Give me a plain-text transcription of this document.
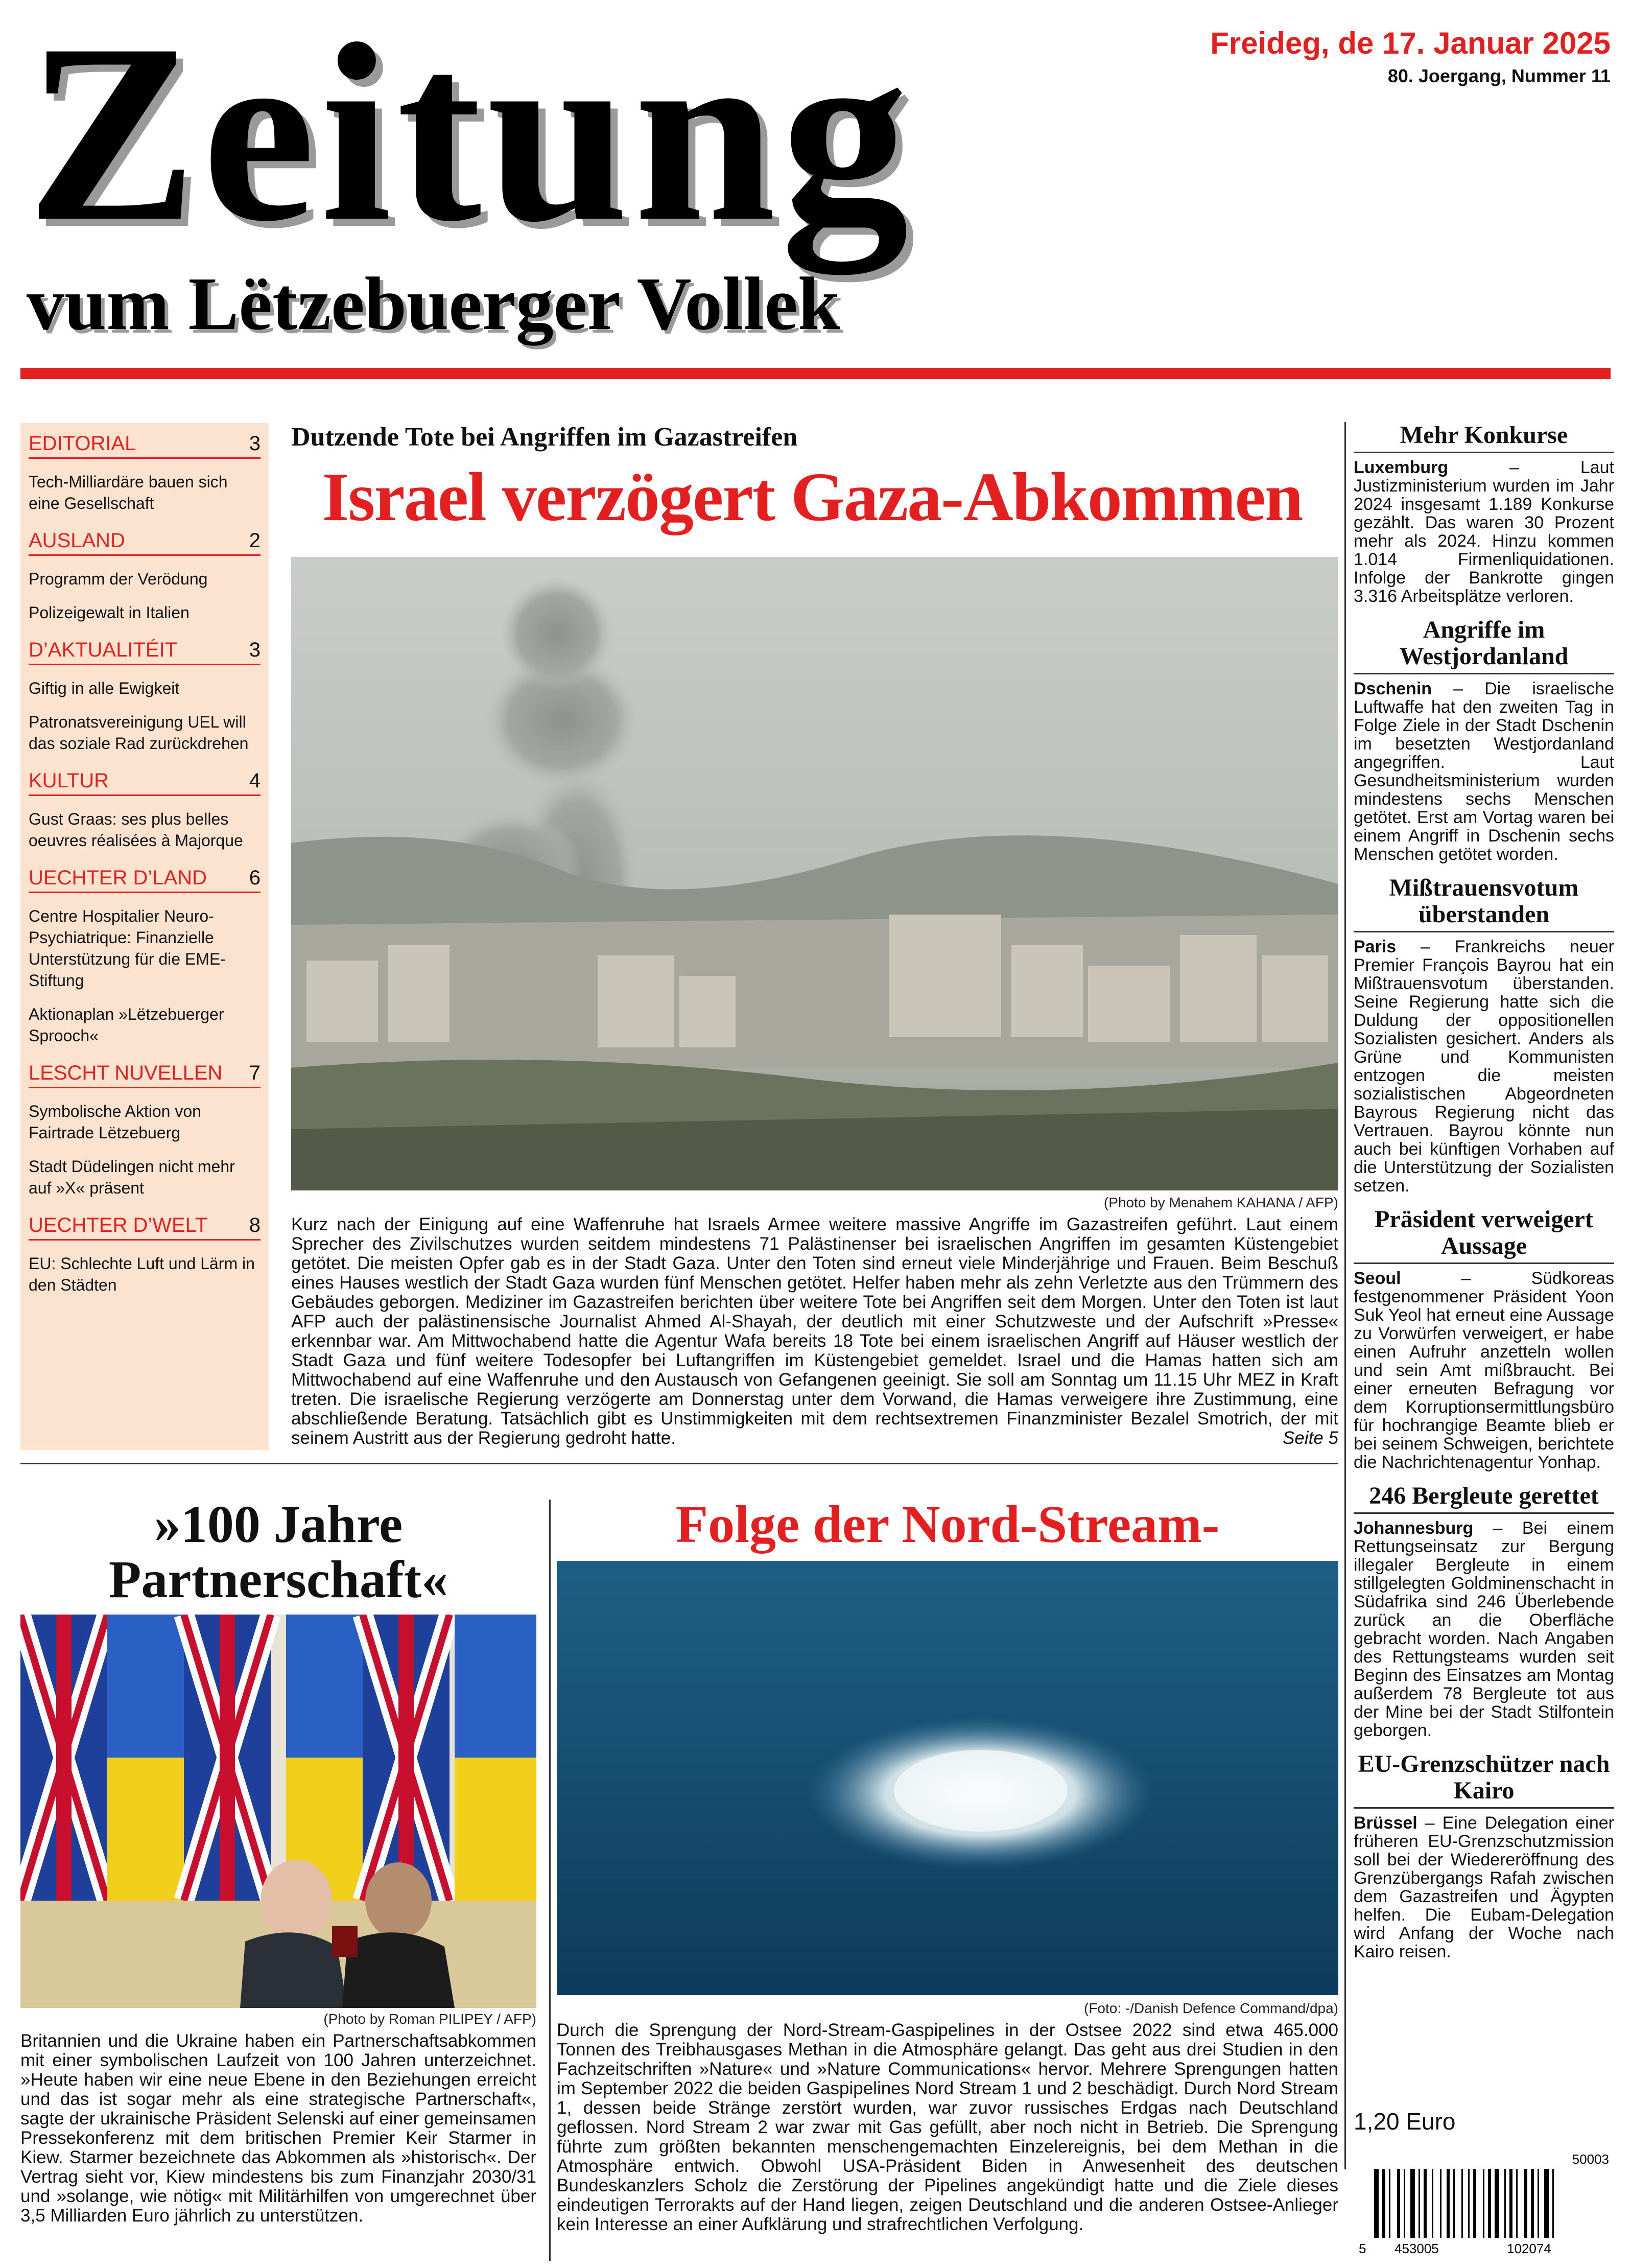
Zeitung
vum Lëtzebuerger Vollek
Freideg, de 17. Januar 2025
80. Joergang, Nummer 11
EDITORIAL	3
Tech-Milliardäre bauen sich eine Gesellschaft
AUSLAND	2
Programm der Verödung
Polizeigewalt in Italien
D’AKTUALITÉIT	3
Giftig in alle Ewigkeit
Patronatsvereinigung UEL will das soziale Rad zurückdrehen
KULTUR	4
Gust Graas: ses plus belles oeuvres réalisées à Majorque
UECHTER D’LAND 6
Centre Hospitalier Neuro-Psychiatrique: Finanzielle Unterstützung für die EME-Stiftung
Aktionaplan »Lëtzebuerger Sprooch«
LESCHT NUVELLEN 7
Symbolische Aktion von Fairtrade Lëtzebuerg
Stadt Düdelingen nicht mehr auf »X« präsent
UECHTER D’WELT 8
EU: Schlechte Luft und Lärm in den Städten
Dutzende Tote bei Angriffen im Gazastreifen
Israel verzögert Gaza-Abkommen
(Photo by Menahem KAHANA / AFP)
Kurz nach der Einigung auf eine Waffenruhe hat Israels Armee weitere massive Angriffe im Gazastreifen geführt. Laut einem Sprecher des Zivilschutzes wurden seitdem mindestens 71 Palästinenser bei israelischen Angriffen im gesamten Küstengebiet getötet. Die meisten Opfer gab es in der Stadt Gaza. Unter den Toten sind erneut viele Minderjährige und Frauen. Beim Beschuß eines Hauses westlich der Stadt Gaza wurden fünf Menschen getötet. Helfer haben mehr als zehn Verletzte aus den Trümmern des Gebäudes geborgen. Mediziner im Gazastreifen berichten über weitere Tote bei Angriffen seit dem Morgen. Unter den Toten ist laut AFP auch der palästinensische Journalist Ahmed Al-Shayah, der deutlich mit einer Schutzweste und der Aufschrift »Presse« erkennbar war. Am Mittwochabend hatte die Agentur Wafa bereits 18 Tote bei einem israelischen Angriff auf Häuser westlich der Stadt Gaza und fünf weitere Todesopfer bei Luftangriffen im Küstengebiet gemeldet. Israel und die Hamas hatten sich am Mittwochabend auf eine Waffenruhe und den Austausch von Gefangenen geeinigt. Sie soll am Sonntag um 11.15 Uhr MEZ in Kraft treten. Die israelische Regierung verzögerte am Donnerstag unter dem Vorwand, die Hamas verweigere ihre Zustimmung, eine abschließende Beratung. Tatsächlich gibt es Unstimmigkeiten mit dem rechtsextremen Finanzminister Bezalel Smotrich, der mit seinem Austritt aus der Regierung gedroht hatte.	Seite 5
Mehr Konkurse

Luxemburg – Laut Justizministerium wurden im Jahr 2024 insgesamt 1.189 Konkurse gezählt. Das waren 30 Prozent mehr als 2024. Hinzu kommen 1.014 Firmenliquidationen. Infolge der Bankrotte gingen 3.316 Arbeitsplätze verloren.

Angriffe im Westjordanland

Dschenin – Die israelische Luftwaffe hat den zweiten Tag in Folge Ziele in der Stadt Dschenin im besetzten Westjordanland angegriffen. Laut Gesundheitsministerium wurden mindestens sechs Menschen getötet. Erst am Vortag waren bei einem Angriff in Dschenin sechs Menschen getötet worden.

Mißtrauensvotum überstanden

Paris – Frankreichs neuer Premier François Bayrou hat ein Mißtrauensvotum überstanden. Seine Regierung hatte sich die Duldung der oppositionellen Sozialisten gesichert. Anders als Grüne und Kommunisten entzogen die meisten sozialistischen Abgeordneten Bayrous Regierung nicht das Vertrauen. Bayrou könnte nun auch bei künftigen Vorhaben auf die Unterstützung der Sozialisten setzen.

Präsident verweigert Aussage

Seoul – Südkoreas festgenommener Präsident Yoon Suk Yeol hat erneut eine Aussage zu Vorwürfen verweigert, er habe einen Aufruhr anzetteln wollen und sein Amt mißbraucht. Bei einer erneuten Befragung vor dem Korruptionsermittlungsbüro für hochrangige Beamte blieb er bei seinem Schweigen, berichtete die Nachrichtenagentur Yonhap.

246 Bergleute gerettet

Johannesburg – Bei einem Rettungseinsatz zur Bergung illegaler Bergleute in einem stillgelegten Goldminenschacht in Südafrika sind 246 Überlebende zurück an die Oberfläche gebracht worden. Nach Angaben des Rettungsteams wurden seit Beginn des Einsatzes am Montag außerdem 78 Bergleute tot aus der Mine bei der Stadt Stilfontein geborgen.

EU-Grenzschützer nach Kairo

Brüssel – Eine Delegation einer früheren EU-Grenzschutzmission soll bei der Wiedereröffnung des Grenzübergangs Rafah zwischen dem Gazastreifen und Ägypten helfen. Die Eubam-Delegation wird Anfang der Woche nach Kairo reisen.

1,20 Euro
50003
5 453005	102074
»100 Jahre Partnerschaft«
(Photo by Roman PILIPEY / AFP)
Britannien und die Ukraine haben ein Partnerschaftsabkommen mit einer symbolischen Laufzeit von 100 Jahren unterzeichnet. »Heute haben wir eine neue Ebene in den Beziehungen erreicht und das ist sogar mehr als eine strategische Partnerschaft«, sagte der ukrainische Präsident Selenski auf einer gemeinsamen Pressekonferenz mit dem britischen Premier Keir Starmer in Kiew. Starmer bezeichnete das Abkommen als »historisch«. Der Vertrag sieht vor, Kiew mindestens bis zum Finanzjahr 2030/31 und »solange, wie nötig« mit Militärhilfen von umgerechnet über 3,5 Milliarden Euro jährlich zu unterstützen.
Folge der Nord-Stream-
(Foto: -/Danish Defence Command/dpa)
Durch die Sprengung der Nord-Stream-Gaspipelines in der Ostsee 2022 sind etwa 465.000 Tonnen des Treibhausgases Methan in die Atmosphäre gelangt. Das geht aus drei Studien in den Fachzeitschriften »Nature« und »Nature Communications« hervor. Mehrere Sprengungen hatten im September 2022 die beiden Gaspipelines Nord Stream 1 und 2 beschädigt. Durch Nord Stream 1, dessen beide Stränge zerstört wurden, war zuvor russisches Erdgas nach Deutschland geflossen. Nord Stream 2 war zwar mit Gas gefüllt, aber noch nicht in Betrieb. Die Sprengung führte zum größten bekannten menschengemachten Einzelereignis, bei dem Methan in die Atmosphäre entwich. Obwohl USA-Präsident Biden in Anwesenheit des deutschen Bundeskanzlers Scholz die Zerstörung der Pipelines angekündigt hatte und die Ziele dieses eindeutigen Terrorakts auf der Hand liegen, zeigen Deutschland und die anderen Ostsee-Anlieger kein Interesse an einer Aufklärung und strafrechtlichen Verfolgung.
